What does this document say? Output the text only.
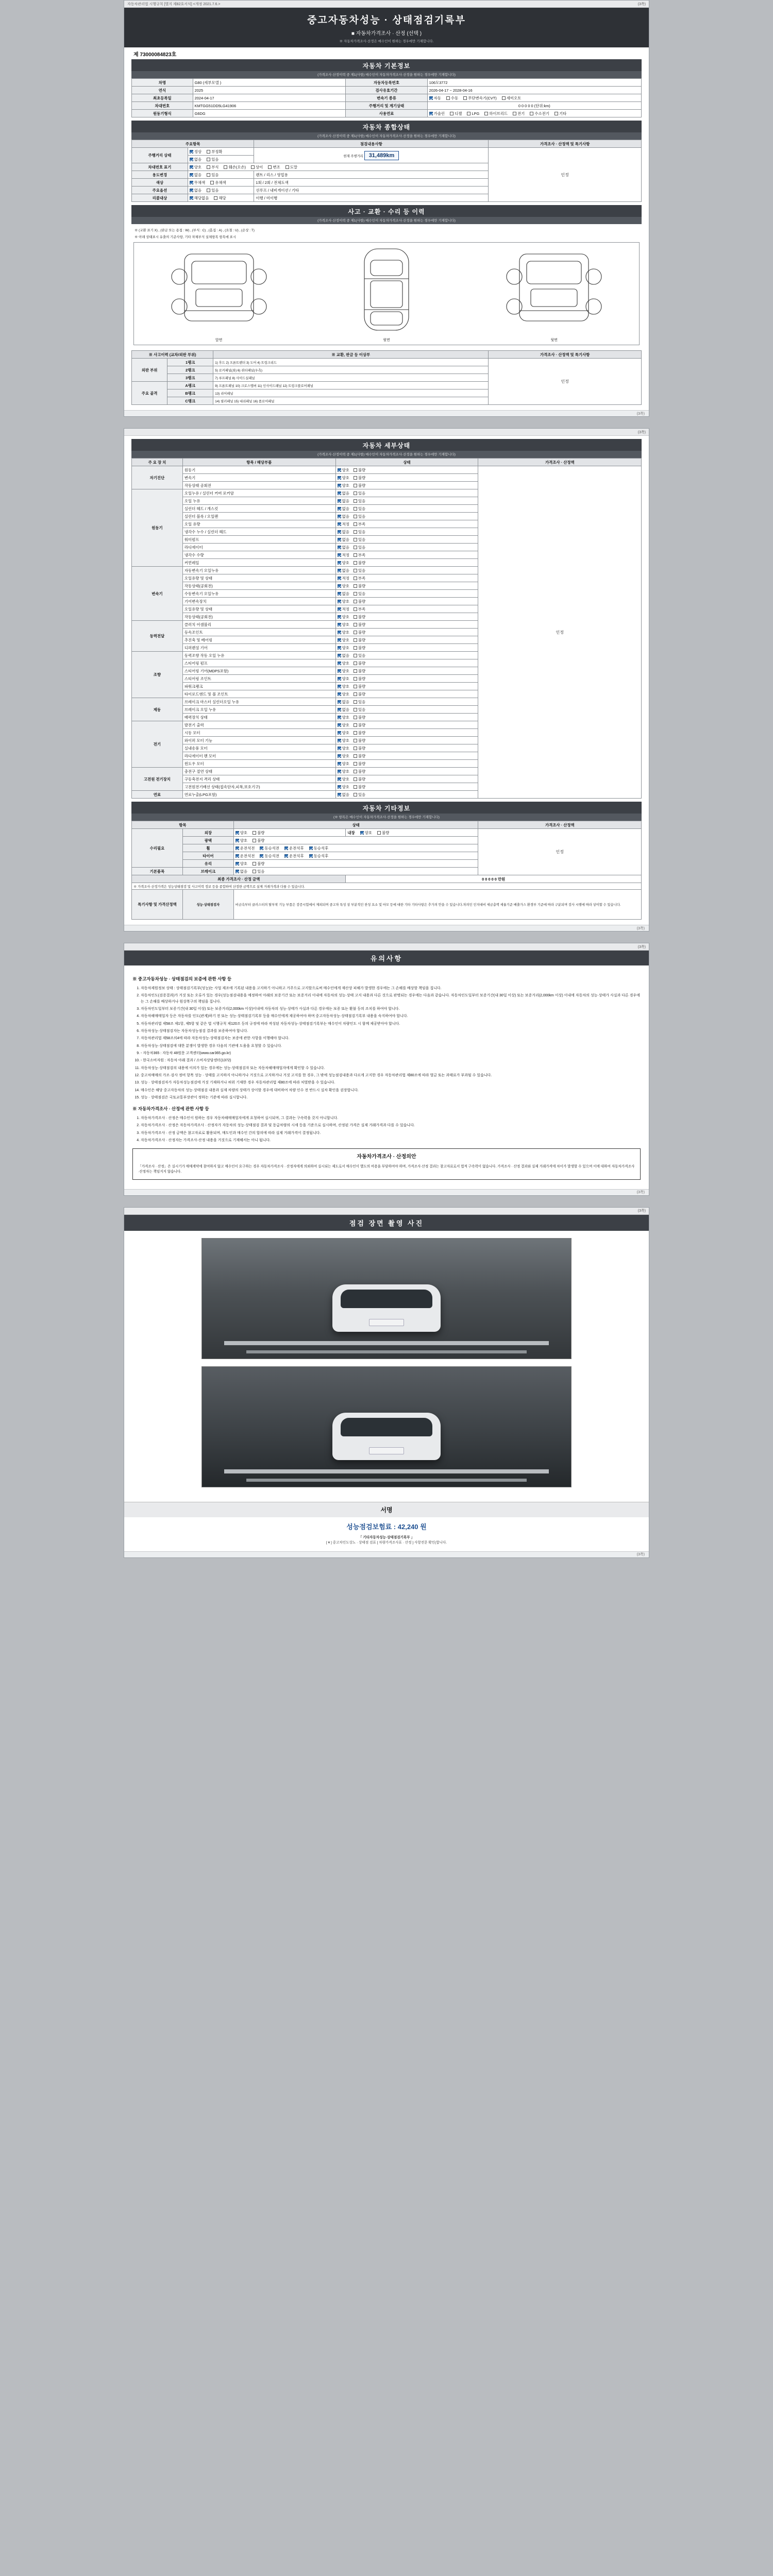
자동차관리법 시행규칙 [별지 제82호서식] <개정 2021.7.6.>	(3쪽)
중고자동차성능 · 상태점검기록부
■ 자동차가격조사 · 산정 (선택 )
※ 자동차가격조사·산정은 매수인이 원하는 경우에만 기재합니다.
제 73000084823호
자동차 기본정보
(가격조사·산정이력 중 제1(사항) 매수인이 자동차가격조사·산정을 원하는 경우에만 기재합니다)
차명	G80 (세부모델 )	자동차등록번호	106모3772
연식	2025	검사유효기간	2026-04-17 ~ 2028-04-16
최초등록일	2024-04-17	변속기 종류	자동 수동 무단변속기(CVT) 세미오토
차대번호	KMTGG51DD5LG41906	주행거리 및 계기상태	0 0 0 0 0 (단위:km)
원동기형식	G6DG	사용연료	가솔린 디젤 LPG 하이브리드 전기 수소전기 기타
자동차 종합상태
(가격조사·산정이력 중 제1(사항) 매수인이 자동차가격조사·산정을 원하는 경우에만 기재합니다)
주요항목		점검내용사항	가격조사 · 산정액 및 특기사항
주행거리 상태	정상 부정확	현재 주행거리 31,489km	인정
	없음 있음		
차대번호 표기	양호 부식 훼손(오손) 상이 변조 도말		
용도변경	없음 있음	렌트 / 리스 / 영업용	
색상	무채색 유채색	1회 / 2회 / 전체도색	
주요옵션	없음 있음	선루프 / 내비게이션 / 기타	
리콜대상	해당없음 해당	이행 / 미이행	
사고 · 교환 · 수리 등 이력
(가격조사·산정이력 중 제1(사항) 매수인이 자동차가격조사·산정을 원하는 경우에만 기재합니다)
※ (교환 표기 X) , (판금 또는 용접 : W) , (부식 : C) , (흠집 : A) , (요철 : U) , (손상 : T)
※ 아래 상태표시 유출의 기준사항, 기타 차체부식 실체항목 항목에 표시
앞면	윗면	뒷면
※ 사고이력 (교차/외판 부위)		※ 교환, 판금 등 이상부	가격조사 · 산정액 및 특기사항
외판 부위	1랭크	1) 후드 2) 프론트펜더 3) 도어 4) 트렁크리드	인정
	2랭크	5) 로커패널(좌) 6) 쿼터패널(우측)	
	3랭크	7) 루프패널 8) 사이드실패널	
주요 골격	A랭크	9) 프론트패널 10) 크로스멤버 11) 인사이드패널 12) 트렁크플로어패널	
	B랭크	13) 리어패널	
	C랭크	14) 필러패널 15) 대쉬패널 16) 플로어패널	
(3쪽)
(3쪽)
자동차 세부상태
(가격조사·산정이력 중 제1(사항) 매수인이 자동차가격조사·산정을 원하는 경우에만 기재합니다)
주 요 장 치	항목 / 해당부품	상태	가격조사 · 산정액
자기진단	원동기	양호 불량	인정
	변속기	양호 불량	
	작동상태 공회전	양호 불량	
원동기	오일누유 / 실린더 커버 로커암	없음 있음	
	오일 누유	없음 있음	
	실린더 헤드 / 개스킷	없음 있음	
	실린더 블록 / 오일팬	없음 있음	
	오일 유량	적정 부족	
	냉각수 누수 / 실린더 헤드	없음 있음	
	워터펌프	없음 있음	
	라디에이터	없음 있음	
	냉각수 수량	적정 부족	
	커먼레일	양호 불량	
변속기	자동변속기 오일누유	없음 있음	
	오일유량 및 상태	적정 부족	
	작동상태(공회전)	양호 불량	
	수동변속기 오일누유	없음 있음	
	기어변속장치	양호 불량	
	오일유량 및 상태	적정 부족	
	작동상태(공회전)	양호 불량	
동력전달	클러치 어셈블리	양호 불량	
	등속조인트	양호 불량	
	추진축 및 베어링	양호 불량	
	디퍼렌셜 기어	양호 불량	
조향	동력조향 작동 오일 누유	없음 있음	
	스티어링 펌프	양호 불량	
	스티어링 기어(MDPS포함)	양호 불량	
	스티어링 조인트	양호 불량	
	파워크랭크	양호 불량	
	타이로드엔드 및 볼 조인트	양호 불량	
제동	브레이크 마스터 실린더오일 누유	없음 있음	
	브레이크 오일 누유	없음 있음	
	배력장치 상태	양호 불량	
전기	발전기 출력	양호 불량	
	시동 모터	양호 불량	
	와이퍼 모터 기능	양호 불량	
	실내송풍 모터	양호 불량	
	라디에이터 팬 모터	양호 불량	
	윈도우 모터	양호 불량	
고전원 전기장치	충전구 절연 상태	양호 불량	
	구동축전지 격리 상태	양호 불량	
	고전원전기배선 상태(접속단자,피복,보호기구)	양호 불량	
연료	연료누출(LPG포함)	없음 있음	
자동차 기타정보
(※ 항목은 매수인이 자동차가격조사·산정을 원하는 경우에만 기재합니다)
항목		상태		가격조사 · 산정액
수리필요	외장	양호 불량	내장 양호 불량	인정
	광택	양호 불량		
	휠	운전석전 동승석전 운전석후 동승석후		
	타이어	운전석전 동승석전 운전석후 동승석후		
	유리	양호 불량		
기본품목	브레이크	없음 있음		
최종 가격조사 · 산정 금액			0 0 0 0 0 만원	
※ 가격조사·산정가격은 성능상태점검 및 사고이력 정보 등을 종합하여 산정한 금액으로 실제 거래가격과 다를 수 있습니다.				
특기사항 및 가격산정액	성능·상태점검자	비금속부터 클러스터의 탈부착 기능 부품은 검증시험에서 제외되며 중고차 특성 상 부분적인 찬성 요소 및 마모 등에 대한 기타 기타사항은 추가의 안을 수 있습니다.차의인 인지대비 세금총액 세율기준 배출가스 환경부 기준에 따라 구분되며 검사 시행에 따라 상이할 수 있습니다.		
(3쪽)
(3쪽)
유의사항
※ 중고자동차성능 · 상태점검의 보증에 관한 사항 등
1. 자동차제원정보 상태 : 상태점검기록부(성능)는 사업 제조에 기록된 내용을 고지하기 아니하고 거주으로 고지할으로써 매수인에게 재산상 피해가 발생한 경우에는 그 손해를 배상할 책임을 집니다.
2. 자동차인도(검증결과)가 거짓 또는 오류가 있는 경우(성능점검내용을 예정하여 아래의 보증기간 또는 보증거리 이내에 자동차의 성능·상태 고지 내용과 다른 것으로 판명되는 경우에는 다음과 같습니다. 자동차인도일부터 보증기간(내 30일 이상) 또는 보증거리(2,000km 이상) 이내에 자동차의 성능·상태가 사실과 다른 경우에는 그 손해를 배상하거나 원상복구의 책임을 집니다.
3. 자동차인도일부터 보증기간(내 30일 이상) 또는 보증거리(2,000km 이상)이내에 자동차의 성능·상태가 사실과 다른 경우에는 보증 또는 환불 등의 조치를 하여야 합니다.
4. 자동차해매매업자 등은 자동차를 인도(관계)하기 전 또는 성능·상태점검기록부 등을 매수인에게 제공하여야 하며 중고자동차성능·상태점검기록부 내용을 숙지하여야 합니다.
5. 자동차관리법 제58조 제1항, 제5항 및 같은 법 시행규칙 제120조 등의 규정에 따라 작성된 자동차성능·상태점검기록부는 매수인이 차량인도 시 함께 제공받아야 합니다.
6. 자동차성능·상태점검자는 자동차성능점검 결과를 보증하여야 합니다.
7. 자동차관리법 제58조의4에 따라 자동차성능·상태점검자는 보증에 관한 사항을 이행해야 합니다.
8. 자동차성능·상태점검에 대한 분쟁이 발생한 경우 다음의 기관에 도움을 요청할 수 있습니다.
9. - 자동차365 : 자동차 48원문 고객센터(www.car365.go.kr)
10. - 한국소비자원 : 자동차 아래 결과 / 소비자상담센터(1372)
11. 자동차성능·상태점검의 내용에 이의가 있는 경우에는 성능·상태점검자 또는 자동차해매매업자에게 확인할 수 있습니다.
12. 중고차매매의 가조·검사 정비 항목 성능 · 상태를 고지하지 아니하거나 거짓으로 고지하거나 거짓 고지를 한 경우, 그 밖에 성능점검내용과 다르게 고지한 경우 자동차관리법 제80조에 따라 벌금 또는 과태료가 부과될 수 있습니다.
13. 성능 · 상태점검자가 자동차성능점검에 거짓 기재하거나 허위 기재한 경우 자동차관리법 제80조에 따라 처벌받을 수 있습니다.
14. 매수인은 해당 중고자동차의 성능·상태점검 내용과 실제 차량의 상태가 상이할 경우에 대비하여 차량 인수 전 반드시 실차 확인을 권장합니다.
15. 성능 · 상태점검은 국토교통부장관이 정하는 기준에 따라 실시합니다.
※ 자동차가격조사 · 산정에 관한 사항 등
1. 자동차가격조사 · 산정은 매수인이 원하는 경우 자동차해매매업자에게 요청하여 실시되며, 그 결과는 구속력을 갖지 아니합니다.
2. 자동차가격조사 · 산정은 자동차가격조사 · 산정자가 자동차의 성능·상태점검 결과 및 동급차량의 시세 등을 기준으로 실시하며, 산정된 가격은 실제 거래가격과 다를 수 있습니다.
3. 자동차가격조사 · 산정 금액은 참고자료로 활용되며, 매도인과 매수인 간의 합의에 따라 실제 거래가격이 결정됩니다.
4. 자동차가격조사 · 산정자는 가격조사·산정 내용을 거짓으로 기재해서는 아니 됩니다.
자동차가격조사 · 산정의안
「가격조사 · 산정」은 실시기가 매매계약에 참여하지 않고 매수인이 요구하는 경우 자동차가격조사 · 산정자에게 의뢰하여 실시되는 제도로서 매수인이 별도의 비용을 부담하여야 하며, 가격조사·산정 결과는 참고자료로서 법적 구속력이 없습니다. 가격조사 · 산정 결과와 실제 거래가격에 차이가 발생할 수 있으며 이에 대하여 자동차가격조사·산정자는 책임지지 않습니다.
(3쪽)
(3쪽)
점검 장면 촬영 사진
서명
성능점검보험료 : 42,240 원
「 기타자동차성능·상태점검기록부 」
[ ¥ ] 중고차인도상노 · 상태점 검표 [ 차량가격조사표 · 산정 ] 사항전문 확인(합니다.
(3쪽)
